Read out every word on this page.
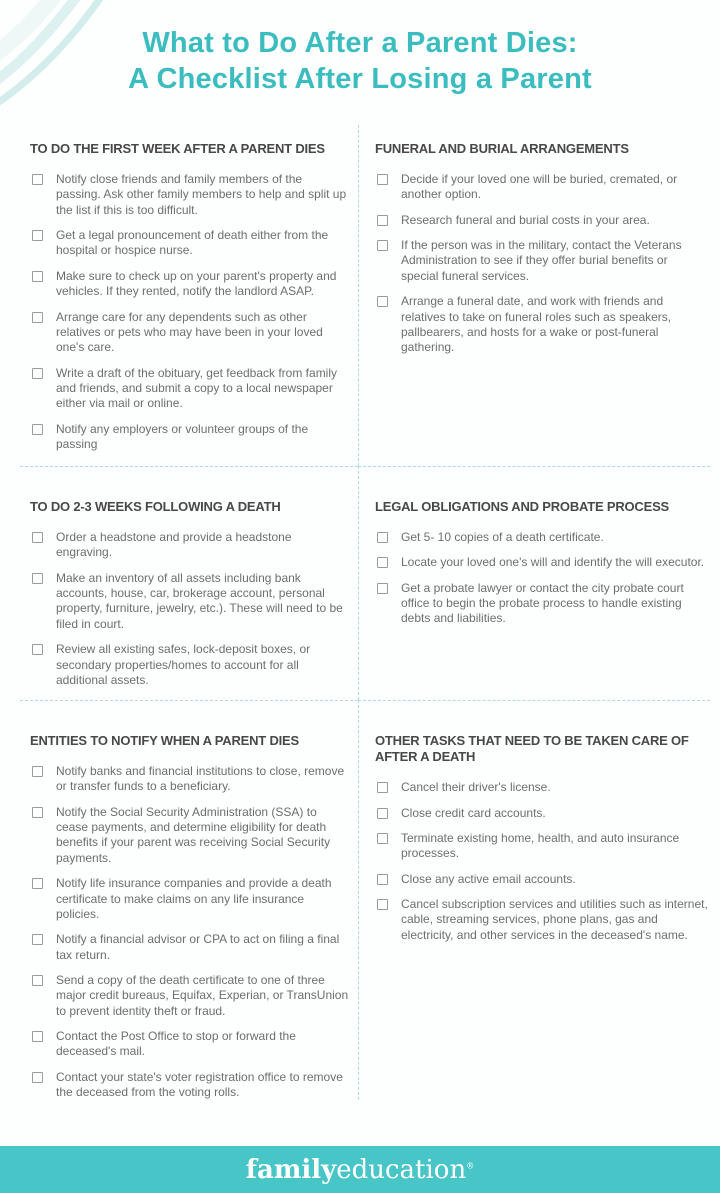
What to Do After a Parent Dies:
A Checklist After Losing a Parent
TO DO THE FIRST WEEK AFTER A PARENT DIES
Notify close friends and family members of the passing. Ask other family members to help and split up the list if this is too difficult.
Get a legal pronouncement of death either from the hospital or hospice nurse.
Make sure to check up on your parent's property and vehicles. If they rented, notify the landlord ASAP.
Arrange care for any dependents such as other relatives or pets who may have been in your loved one's care.
Write a draft of the obituary, get feedback from family and friends, and submit a copy to a local newspaper either via mail or online.
Notify any employers or volunteer groups of the passing
FUNERAL AND BURIAL ARRANGEMENTS
Decide if your loved one will be buried, cremated, or another option.
Research funeral and burial costs in your area.
If the person was in the military, contact the Veterans Administration to see if they offer burial benefits or special funeral services.
Arrange a funeral date, and work with friends and relatives to take on funeral roles such as speakers, pallbearers, and hosts for a wake or post-funeral gathering.
TO DO 2-3 WEEKS FOLLOWING A DEATH
Order a headstone and provide a headstone engraving.
Make an inventory of all assets including bank accounts, house, car, brokerage account, personal property, furniture, jewelry, etc.). These will need to be filed in court.
Review all existing safes, lock-deposit boxes, or secondary properties/homes to account for all additional assets.
LEGAL OBLIGATIONS AND PROBATE PROCESS
Get 5- 10 copies of a death certificate.
Locate your loved one's will and identify the will executor.
Get a probate lawyer or contact the city probate court office to begin the probate process to handle existing debts and liabilities.
ENTITIES TO NOTIFY WHEN A PARENT DIES
Notify banks and financial institutions to close, remove or transfer funds to a beneficiary.
Notify the Social Security Administration (SSA) to cease payments, and determine eligibility for death benefits if your parent was receiving Social Security payments.
Notify life insurance companies and provide a death certificate to make claims on any life insurance policies.
Notify a financial advisor or CPA to act on filing a final tax return.
Send a copy of the death certificate to one of three major credit bureaus, Equifax, Experian, or TransUnion to prevent identity theft or fraud.
Contact the Post Office to stop or forward the deceased's mail.
Contact your state's voter registration office to remove the deceased from the voting rolls.
OTHER TASKS THAT NEED TO BE TAKEN CARE OF AFTER A DEATH
Cancel their driver's license.
Close credit card accounts.
Terminate existing home, health, and auto insurance processes.
Close any active email accounts.
Cancel subscription services and utilities such as internet, cable, streaming services, phone plans, gas and electricity, and other services in the deceased's name.
familyeducation®
